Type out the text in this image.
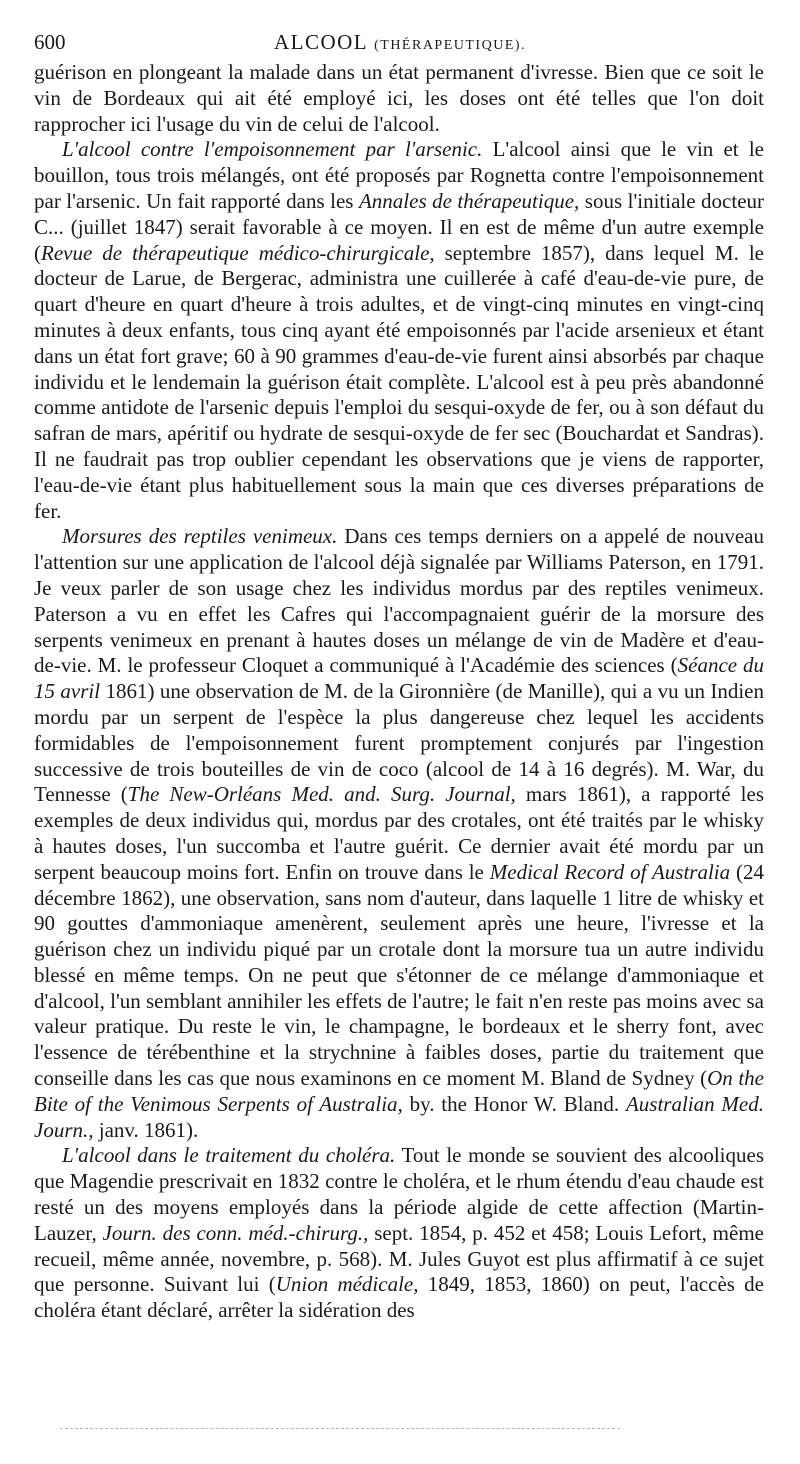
600	ALCOOL (THÉRAPEUTIQUE).

guérison en plongeant la malade dans un état permanent d'ivresse. Bien que ce soit le vin de Bordeaux qui ait été employé ici, les doses ont été telles que l'on doit rapprocher ici l'usage du vin de celui de l'alcool.

L'alcool contre l'empoisonnement par l'arsenic. L'alcool ainsi que le vin et le bouillon, tous trois mélangés, ont été proposés par Rognetta contre l'empoisonnement par l'arsenic. Un fait rapporté dans les Annales de thérapeutique, sous l'initiale docteur C... (juillet 1847) serait favorable à ce moyen. Il en est de même d'un autre exemple (Revue de thérapeutique médico-chirurgicale, septembre 1857), dans lequel M. le docteur de Larue, de Bergerac, administra une cuillerée à café d'eau-de-vie pure, de quart d'heure en quart d'heure à trois adultes, et de vingt-cinq minutes en vingt-cinq minutes à deux enfants, tous cinq ayant été empoisonnés par l'acide arsenieux et étant dans un état fort grave; 60 à 90 grammes d'eau-de-vie furent ainsi absorbés par chaque individu et le lendemain la guérison était complète. L'alcool est à peu près abandonné comme antidote de l'arsenic depuis l'emploi du sesqui-oxyde de fer, ou à son défaut du safran de mars, apéritif ou hydrate de sesqui-oxyde de fer sec (Bouchardat et Sandras). Il ne faudrait pas trop oublier cependant les observations que je viens de rapporter, l'eau-de-vie étant plus habituellement sous la main que ces diverses préparations de fer.

Morsures des reptiles venimeux. Dans ces temps derniers on a appelé de nouveau l'attention sur une application de l'alcool déjà signalée par Williams Paterson, en 1791. Je veux parler de son usage chez les individus mordus par des reptiles venimeux. Paterson a vu en effet les Cafres qui l'accompagnaient guérir de la morsure des serpents venimeux en prenant à hautes doses un mélange de vin de Madère et d'eau-de-vie. M. le professeur Cloquet a communiqué à l'Académie des sciences (Séance du 15 avril 1861) une observation de M. de la Gironnière (de Manille), qui a vu un Indien mordu par un serpent de l'espèce la plus dangereuse chez lequel les accidents formidables de l'empoisonnement furent promptement conjurés par l'ingestion successive de trois bouteilles de vin de coco (alcool de 14 à 16 degrés). M. War, du Tennesse (The New-Orléans Med. and. Surg. Journal, mars 1861), a rapporté les exemples de deux individus qui, mordus par des crotales, ont été traités par le whisky à hautes doses, l'un succomba et l'autre guérit. Ce dernier avait été mordu par un serpent beaucoup moins fort. Enfin on trouve dans le Medical Record of Australia (24 décembre 1862), une observation, sans nom d'auteur, dans laquelle 1 litre de whisky et 90 gouttes d'ammoniaque amenèrent, seulement après une heure, l'ivresse et la guérison chez un individu piqué par un crotale dont la morsure tua un autre individu blessé en même temps. On ne peut que s'étonner de ce mélange d'ammoniaque et d'alcool, l'un semblant annihiler les effets de l'autre; le fait n'en reste pas moins avec sa valeur pratique. Du reste le vin, le champagne, le bordeaux et le sherry font, avec l'essence de térébenthine et la strychnine à faibles doses, partie du traitement que conseille dans les cas que nous examinons en ce moment M. Bland de Sydney (On the Bite of the Venimous Serpents of Australia, by. the Honor W. Bland. Australian Med. Journ., janv. 1861).

L'alcool dans le traitement du choléra. Tout le monde se souvient des alcooliques que Magendie prescrivait en 1832 contre le choléra, et le rhum étendu d'eau chaude est resté un des moyens employés dans la période algide de cette affection (Martin-Lauzer, Journ. des conn. méd.-chirurg., sept. 1854, p. 452 et 458; Louis Lefort, même recueil, même année, novembre, p. 568). M. Jules Guyot est plus affirmatif à ce sujet que personne. Suivant lui (Union médicale, 1849, 1853, 1860) on peut, l'accès de choléra étant déclaré, arrêter la sidération des
